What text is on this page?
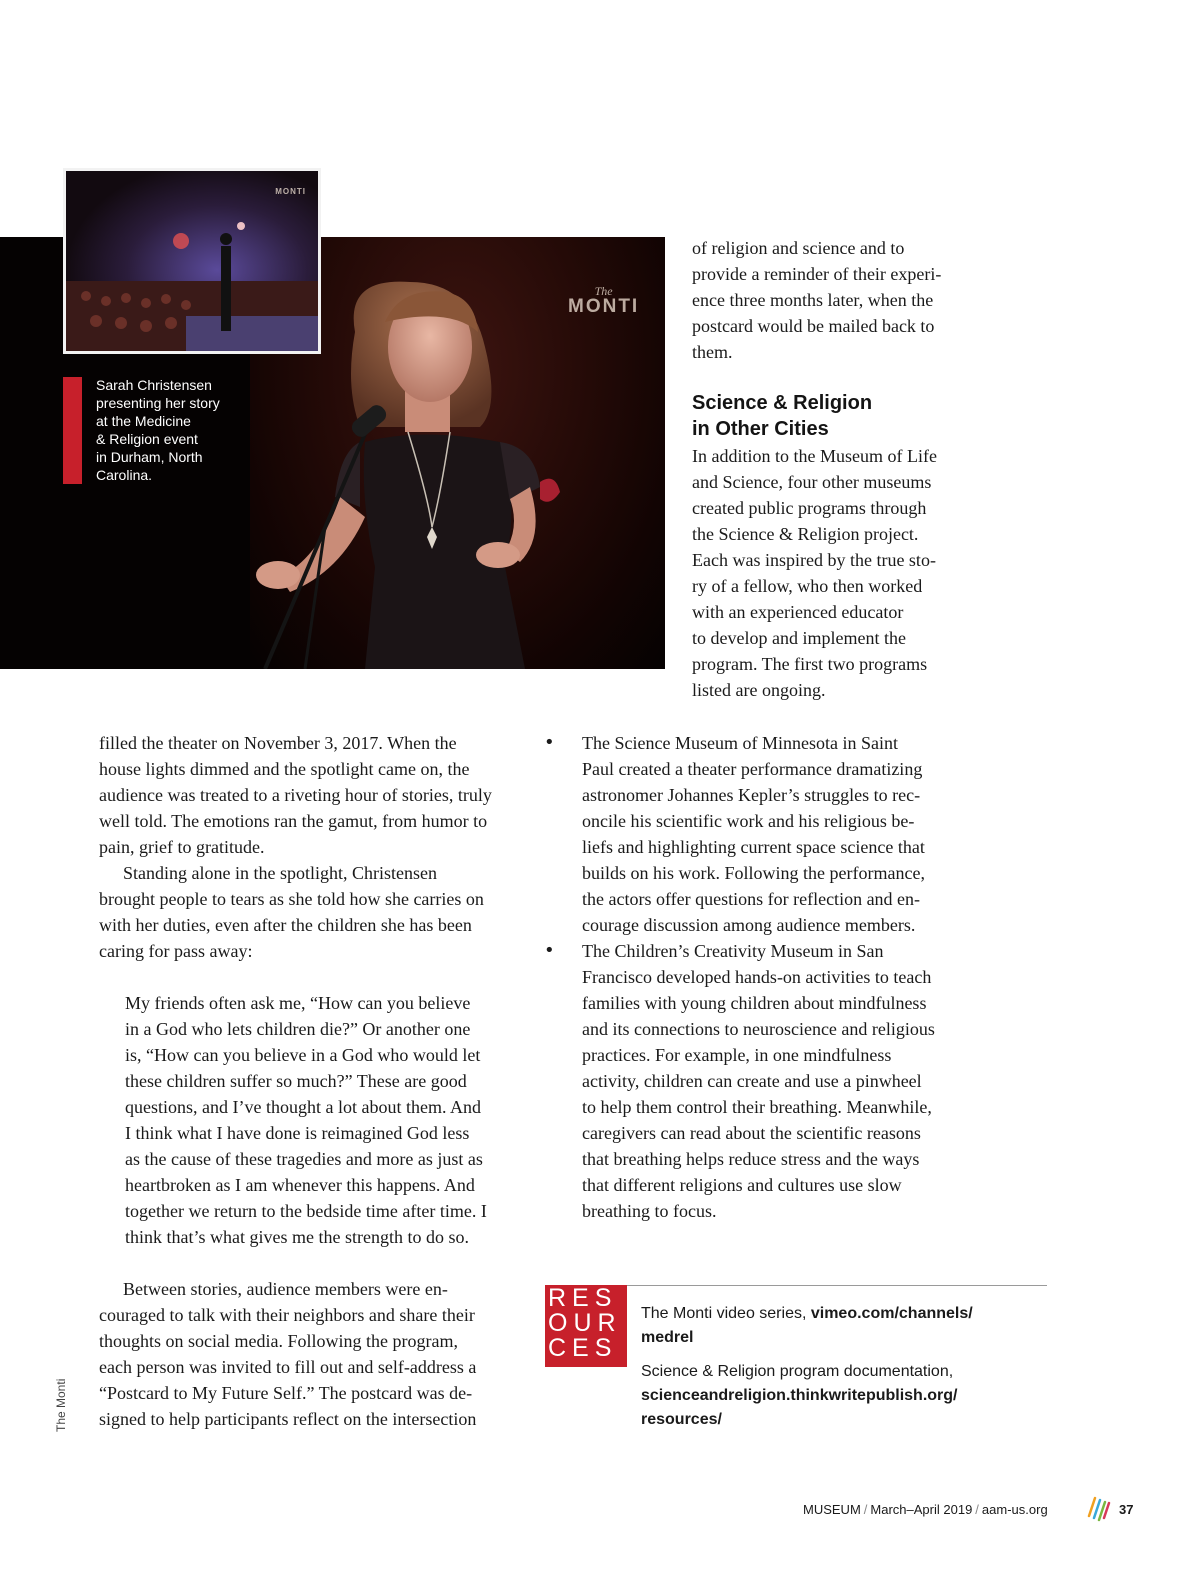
The
MONTI
MONTI
Sarah Christensen
presenting her story
at the Medicine
& Religion event
in Durham, North
Carolina.
of religion and science and to
provide a reminder of their experi-
ence three months later, when the
postcard would be mailed back to
them.
Science & Religion
in Other Cities
In addition to the Museum of Life
and Science, four other museums
created public programs through
the Science & Religion project.
Each was inspired by the true sto-
ry of a fellow, who then worked
with an experienced educator
to develop and implement the
program. The first two programs
listed are ongoing.
filled the theater on November 3, 2017. When the
house lights dimmed and the spotlight came on, the
audience was treated to a riveting hour of stories, truly
well told. The emotions ran the gamut, from humor to
pain, grief to gratitude.
Standing alone in the spotlight, Christensen
brought people to tears as she told how she carries on
with her duties, even after the children she has been
caring for pass away:
My friends often ask me, “How can you believe
in a God who lets children die?” Or another one
is, “How can you believe in a God who would let
these children suffer so much?” These are good
questions, and I’ve thought a lot about them. And
I think what I have done is reimagined God less
as the cause of these tragedies and more as just as
heartbroken as I am whenever this happens. And
together we return to the bedside time after time. I
think that’s what gives me the strength to do so.
Between stories, audience members were en-
couraged to talk with their neighbors and share their
thoughts on social media. Following the program,
each person was invited to fill out and self-address a
“Postcard to My Future Self.” The postcard was de-
signed to help participants reflect on the intersection
• The Science Museum of Minnesota in Saint
Paul created a theater performance dramatizing
astronomer Johannes Kepler’s struggles to rec-
oncile his scientific work and his religious be-
liefs and highlighting current space science that
builds on his work. Following the performance,
the actors offer questions for reflection and en-
courage discussion among audience members.
• The Children’s Creativity Museum in San
Francisco developed hands-on activities to teach
families with young children about mindfulness
and its connections to neuroscience and religious
practices. For example, in one mindfulness
activity, children can create and use a pinwheel
to help them control their breathing. Meanwhile,
caregivers can read about the scientific reasons
that breathing helps reduce stress and the ways
that different religions and cultures use slow
breathing to focus.
RES
OUR
CES
The Monti video series, vimeo.com/channels/
medrel
Science & Religion program documentation,
scienceandreligion.thinkwritepublish.org/
resources/
The Monti
MUSEUM / March–April 2019 / aam-us.org	37
